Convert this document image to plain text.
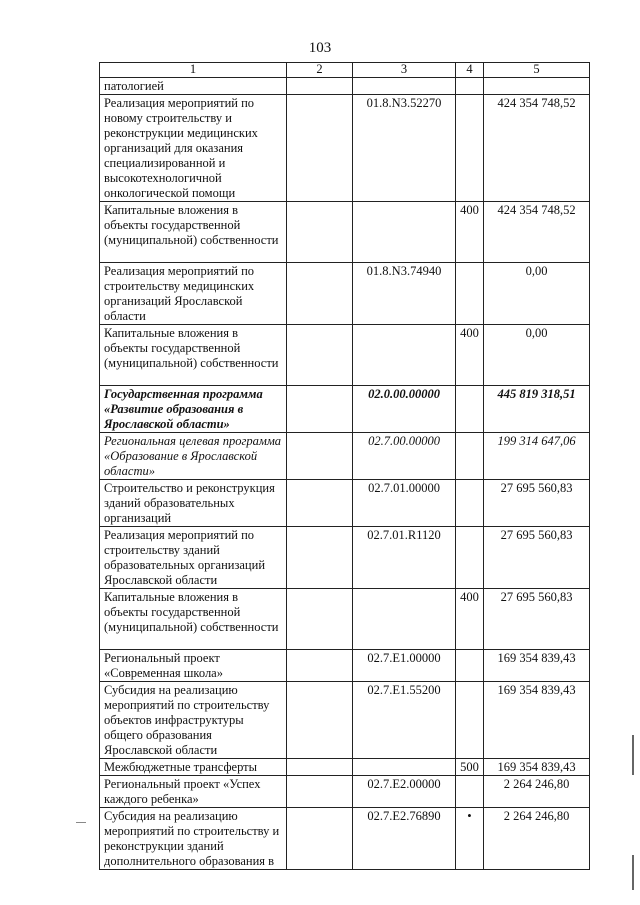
103
1	2	3	4	5
патологией				
Реализация мероприятий по новому строительству и реконструкции медицинских организаций для оказания специализированной и высокотехнологичной онкологической помощи		01.8.N3.52270		424 354 748,52
Капитальные вложения в объекты государственной (муниципальной) собственности			400	424 354 748,52
Реализация мероприятий по строительству медицинских организаций Ярославской области		01.8.N3.74940		0,00
Капитальные вложения в объекты государственной (муниципальной) собственности			400	0,00
Государственная программа «Развитие образования в Ярославской области»		02.0.00.00000		445 819 318,51
Региональная целевая программа «Образование в Ярославской области»		02.7.00.00000		199 314 647,06
Строительство и реконструкция зданий образовательных организаций		02.7.01.00000		27 695 560,83
Реализация мероприятий по строительству зданий образовательных организаций Ярославской области		02.7.01.R1120		27 695 560,83
Капитальные вложения в объекты государственной (муниципальной) собственности			400	27 695 560,83
Региональный проект «Современная школа»		02.7.Е1.00000		169 354 839,43
Субсидия на реализацию мероприятий по строительству объектов инфраструктуры общего образования Ярославской области		02.7.Е1.55200		169 354 839,43
Межбюджетные трансферты			500	169 354 839,43
Региональный проект «Успех каждого ребенка»		02.7.Е2.00000		2 264 246,80
Субсидия на реализацию мероприятий по строительству и реконструкции зданий дополнительного образования в		02.7.Е2.76890	•	2 264 246,80
